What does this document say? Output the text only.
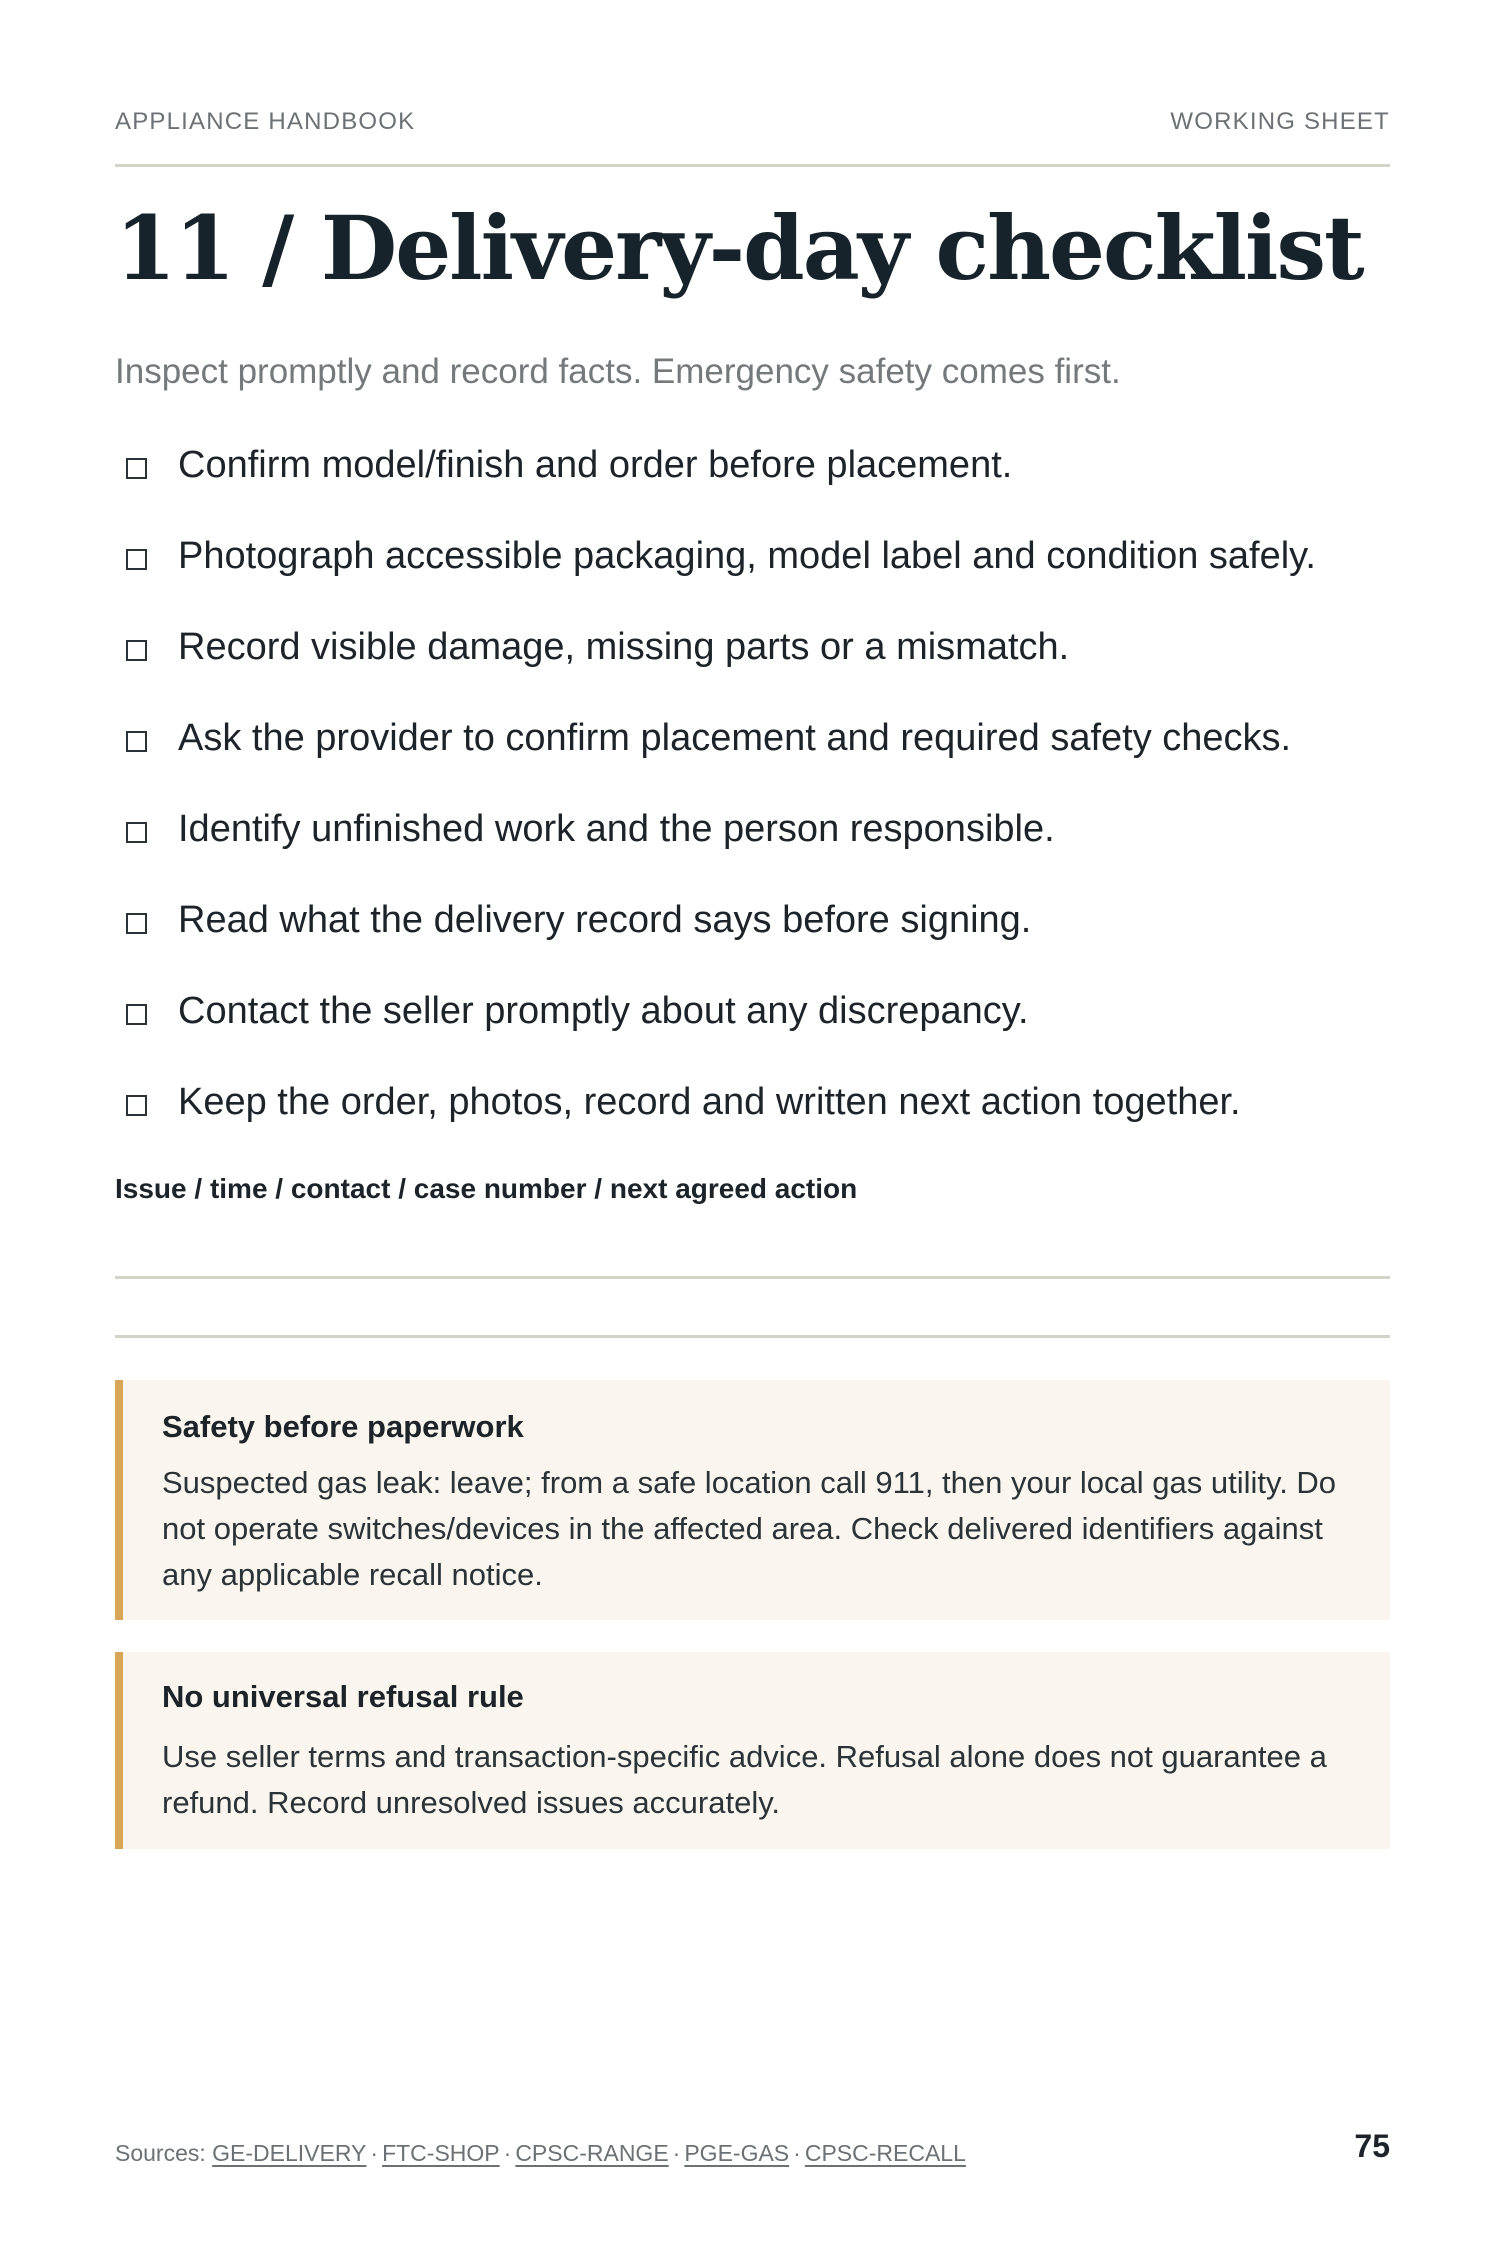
APPLIANCE HANDBOOK	WORKING SHEET
11 / Delivery-day checklist
Inspect promptly and record facts. Emergency safety comes first.
Confirm model/finish and order before placement.
Photograph accessible packaging, model label and condition safely.
Record visible damage, missing parts or a mismatch.
Ask the provider to confirm placement and required safety checks.
Identify unfinished work and the person responsible.
Read what the delivery record says before signing.
Contact the seller promptly about any discrepancy.
Keep the order, photos, record and written next action together.
Issue / time / contact / case number / next agreed action
Safety before paperwork
Suspected gas leak: leave; from a safe location call 911, then your local gas utility. Do not operate switches/devices in the affected area. Check delivered identifiers against any applicable recall notice.
No universal refusal rule
Use seller terms and transaction-specific advice. Refusal alone does not guarantee a refund. Record unresolved issues accurately.
Sources: GE-DELIVERY · FTC-SHOP · CPSC-RANGE · PGE-GAS · CPSC-RECALL	75
